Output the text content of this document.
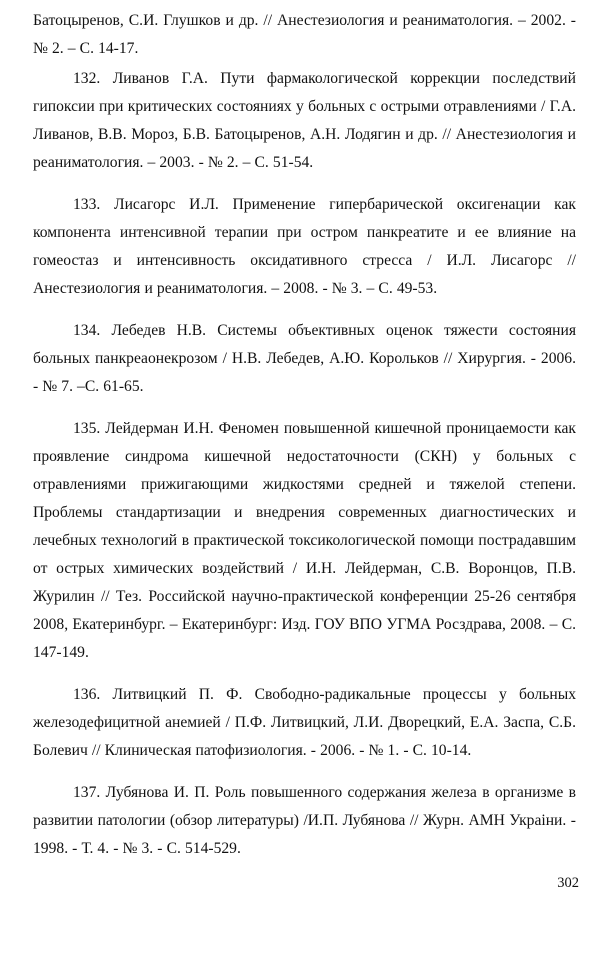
Батоцыренов, С.И. Глушков и др. // Анестезиология и реаниматология. – 2002. - № 2. – С. 14-17.

132. Ливанов Г.А. Пути фармакологической коррекции последствий гипоксии при критических состояниях у больных с острыми отравлениями / Г.А. Ливанов, В.В. Мороз, Б.В. Батоцыренов, А.Н. Лодягин и др. // Анестезиология и реаниматология. – 2003. - № 2. – С. 51-54.

133. Лисагорс И.Л. Применение гипербарической оксигенации как компонента интенсивной терапии при остром панкреатите и ее влияние на гомеостаз и интенсивность оксидативного стресса / И.Л. Лисагорс // Анестезиология и реаниматология. – 2008. - № 3. – С. 49-53.

134. Лебедев Н.В. Системы объективных оценок тяжести состояния больных панкреаонекрозом / Н.В. Лебедев, А.Ю. Корольков // Хирургия. - 2006. - № 7. –С. 61-65.

135. Лейдерман И.Н. Феномен повышенной кишечной проницаемости как проявление синдрома кишечной недостаточности (СКН) у больных с отравлениями прижигающими жидкостями средней и тяжелой степени. Проблемы стандартизации и внедрения современных диагностических и лечебных технологий в практической токсикологической помощи пострадавшим от острых химических воздействий / И.Н. Лейдерман, С.В. Воронцов, П.В. Журилин // Тез. Российской научно-практической конференции 25-26 сентября 2008, Екатеринбург. – Екатеринбург: Изд. ГОУ ВПО УГМА Росздрава, 2008. – С. 147-149.

136. Литвицкий П. Ф. Свободно-радикальные процессы у больных железодефицитной анемией / П.Ф. Литвицкий, Л.И. Дворецкий, Е.А. Заспа, С.Б. Болевич // Клиническая патофизиология. - 2006. - № 1. - С. 10-14.

137. Лубянова И. П. Роль повышенного содержания железа в организме в развитии патологии (обзор литературы) /И.П. Лубянова // Журн. АМН Украiни. - 1998. - Т. 4. - № 3. - С. 514-529.

302
